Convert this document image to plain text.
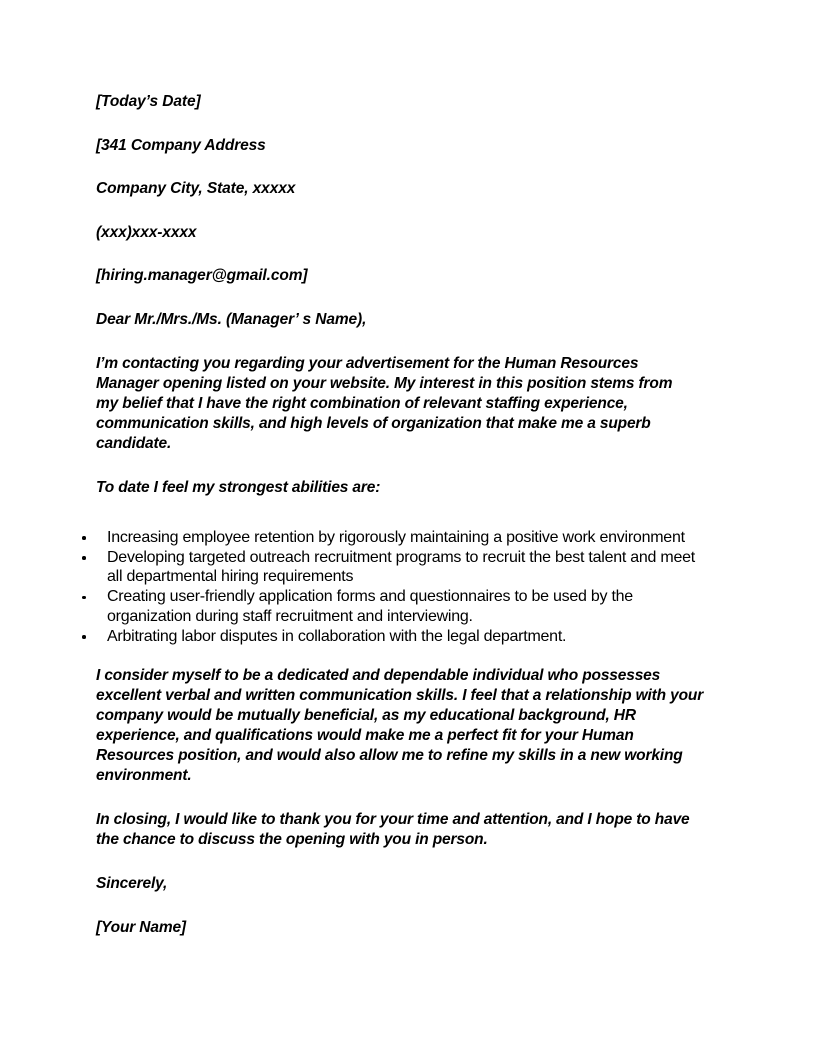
[Today’s Date]
[341 Company Address
Company City, State, xxxxx
(xxx)xxx-xxxx
[hiring.manager@gmail.com]
Dear Mr./Mrs./Ms. (Manager’ s Name),

I’m contacting you regarding your advertisement for the Human Resources Manager opening listed on your website. My interest in this position stems from my belief that I have the right combination of relevant staffing experience, communication skills, and high levels of organization that make me a superb candidate.

To date I feel my strongest abilities are:

Increasing employee retention by rigorously maintaining a positive work environment
Developing targeted outreach recruitment programs to recruit the best talent and meet all departmental hiring requirements
Creating user-friendly application forms and questionnaires to be used by the organization during staff recruitment and interviewing.
Arbitrating labor disputes in collaboration with the legal department.

I consider myself to be a dedicated and dependable individual who possesses excellent verbal and written communication skills. I feel that a relationship with your company would be mutually beneficial, as my educational background, HR experience, and qualifications would make me a perfect fit for your Human Resources position, and would also allow me to refine my skills in a new working environment.

In closing, I would like to thank you for your time and attention, and I hope to have the chance to discuss the opening with you in person.

Sincerely,

[Your Name]
